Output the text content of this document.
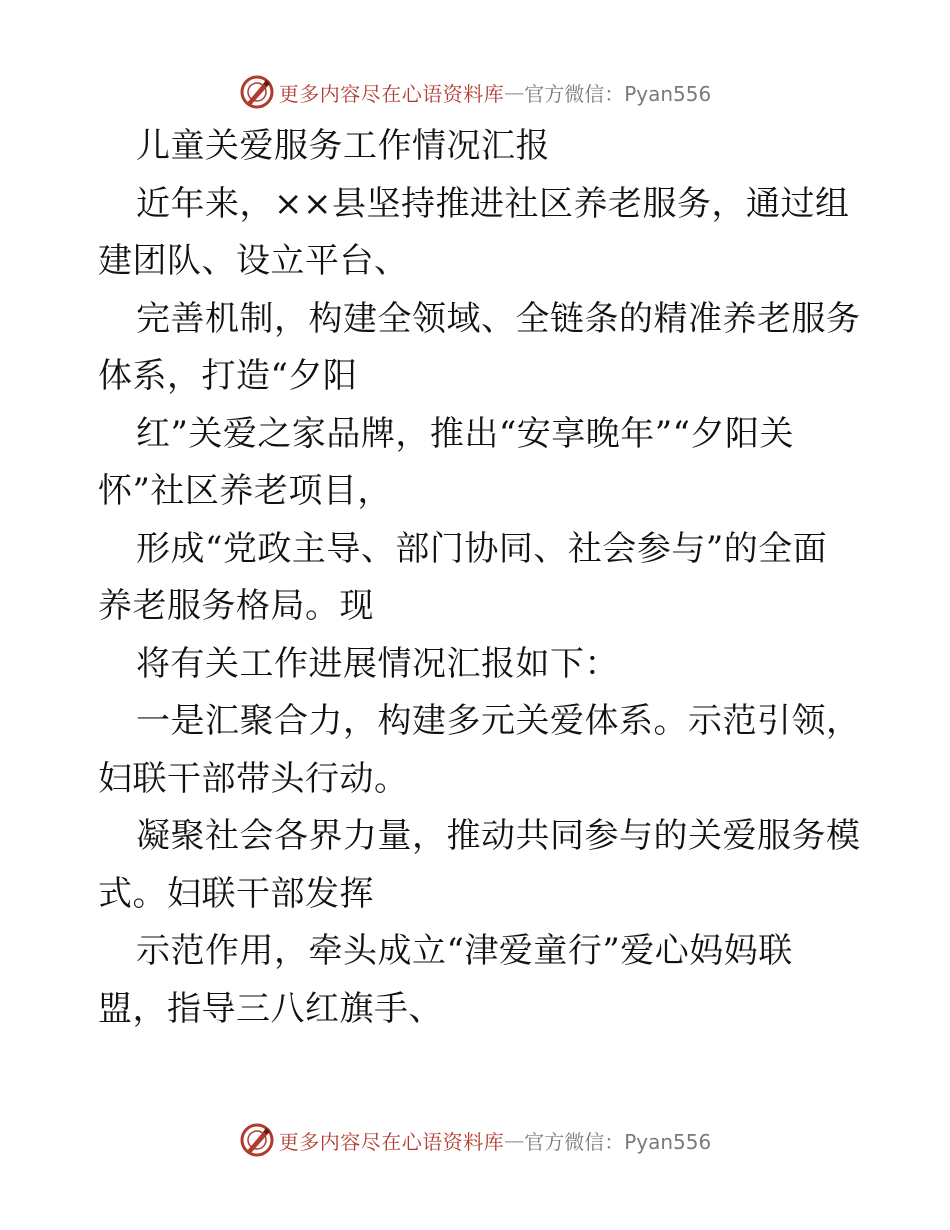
更多内容尽在心语资料库 — 官方微信：Pyan556
儿童关爱服务工作情况汇报
近年来，××县坚持推进社区养老服务，通过组
建团队、设立平台、
完善机制，构建全领域、全链条的精准养老服务
体系，打造“夕阳
红”关爱之家品牌，推出“安享晚年”“夕阳关
怀”社区养老项目，
形成“党政主导、部门协同、社会参与”的全面
养老服务格局。现
将有关工作进展情况汇报如下：
一是汇聚合力，构建多元关爱体系。示范引领，
妇联干部带头行动。
凝聚社会各界力量，推动共同参与的关爱服务模
式。妇联干部发挥
示范作用，牵头成立“津爱童行”爱心妈妈联
盟，指导三八红旗手、
更多内容尽在心语资料库 — 官方微信：Pyan556
